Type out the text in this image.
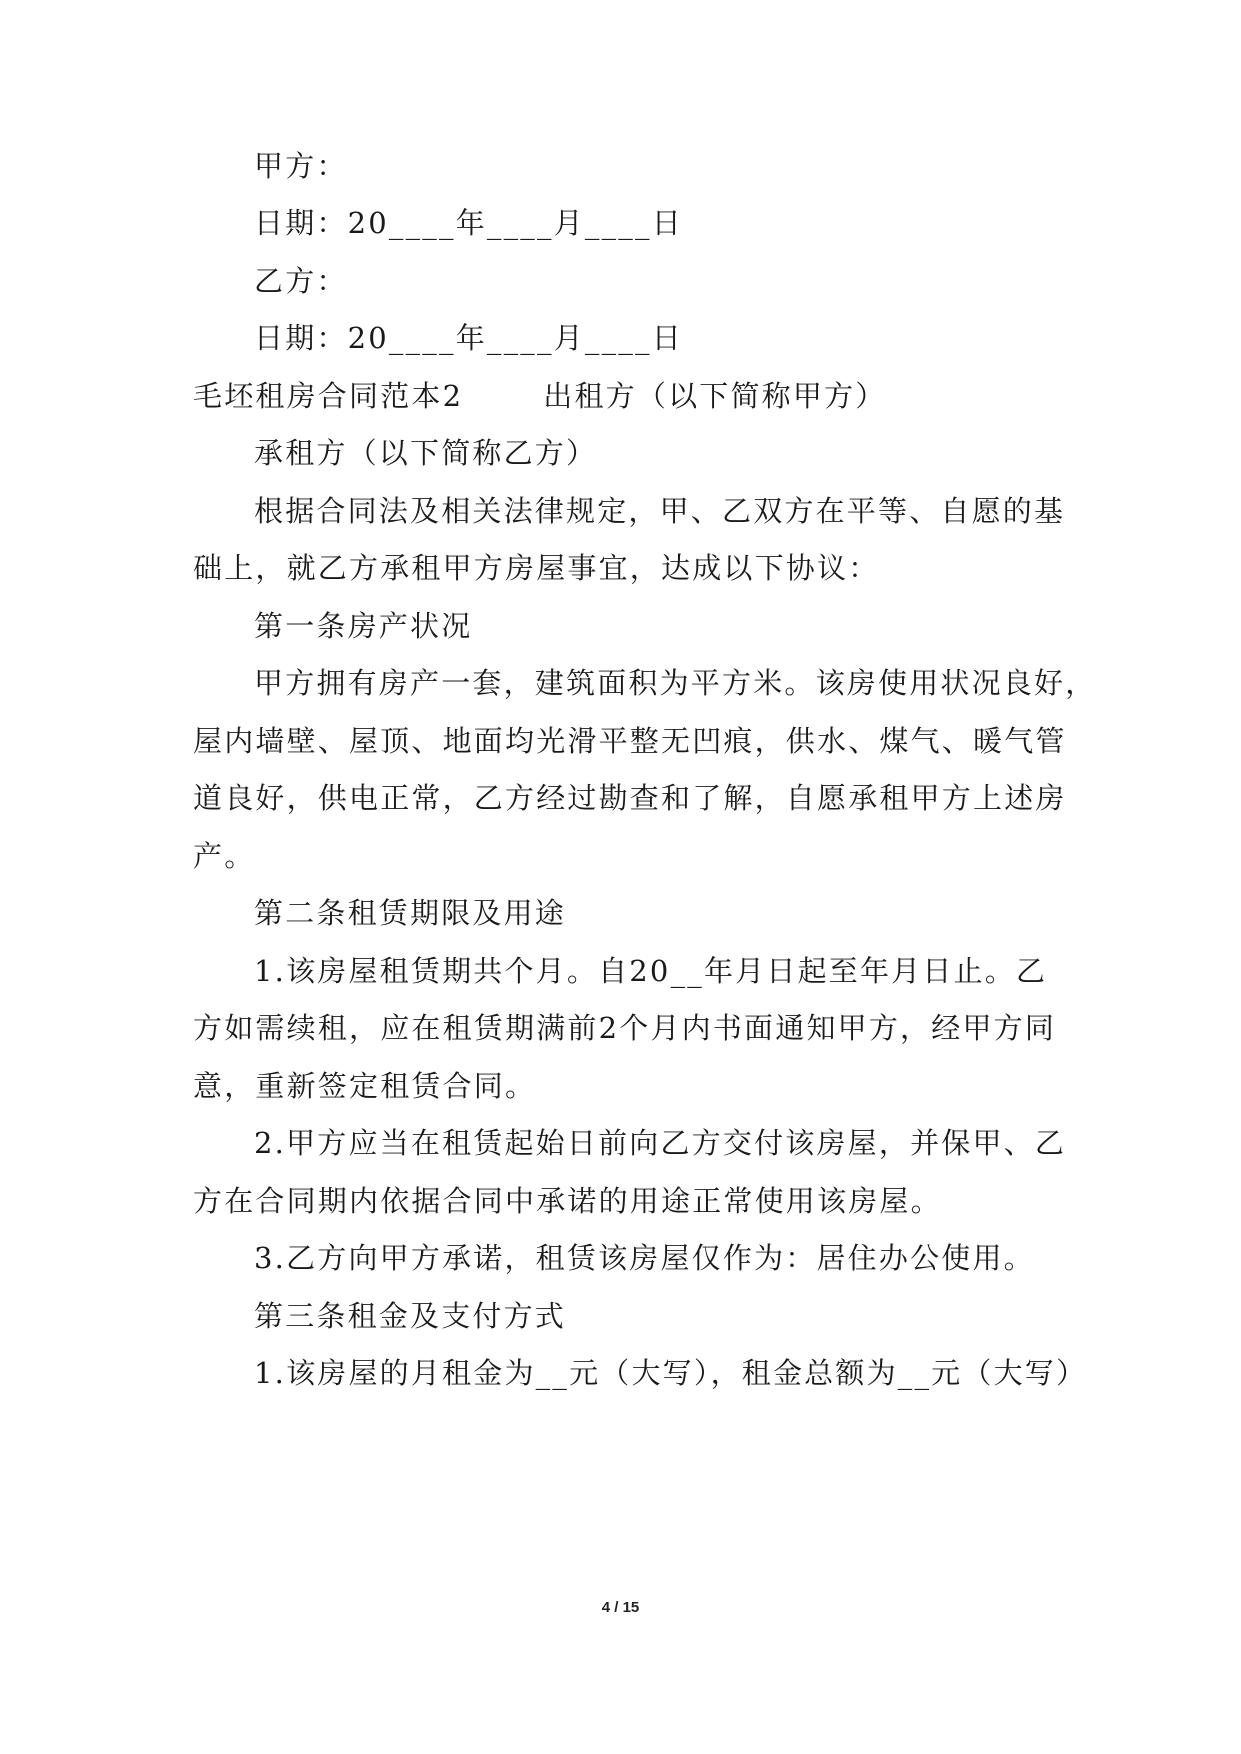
甲方：
日期：20____年____月____日
乙方：
日期：20____年____月____日
毛坯租房合同范本2	出租方（以下简称甲方）
承租方（以下简称乙方）
根据合同法及相关法律规定，甲、乙双方在平等、自愿的基
础上，就乙方承租甲方房屋事宜，达成以下协议：
第一条房产状况
甲方拥有房产一套，建筑面积为平方米。该房使用状况良好，
屋内墙壁、屋顶、地面均光滑平整无凹痕，供水、煤气、暖气管
道良好，供电正常，乙方经过勘查和了解，自愿承租甲方上述房
产。
第二条租赁期限及用途
1.该房屋租赁期共个月。自20__年月日起至年月日止。乙
方如需续租，应在租赁期满前2个月内书面通知甲方，经甲方同
意，重新签定租赁合同。
2.甲方应当在租赁起始日前向乙方交付该房屋，并保甲、乙
方在合同期内依据合同中承诺的用途正常使用该房屋。
3.乙方向甲方承诺，租赁该房屋仅作为：居住办公使用。
第三条租金及支付方式
1.该房屋的月租金为__元（大写），租金总额为__元（大写）
4 / 15
